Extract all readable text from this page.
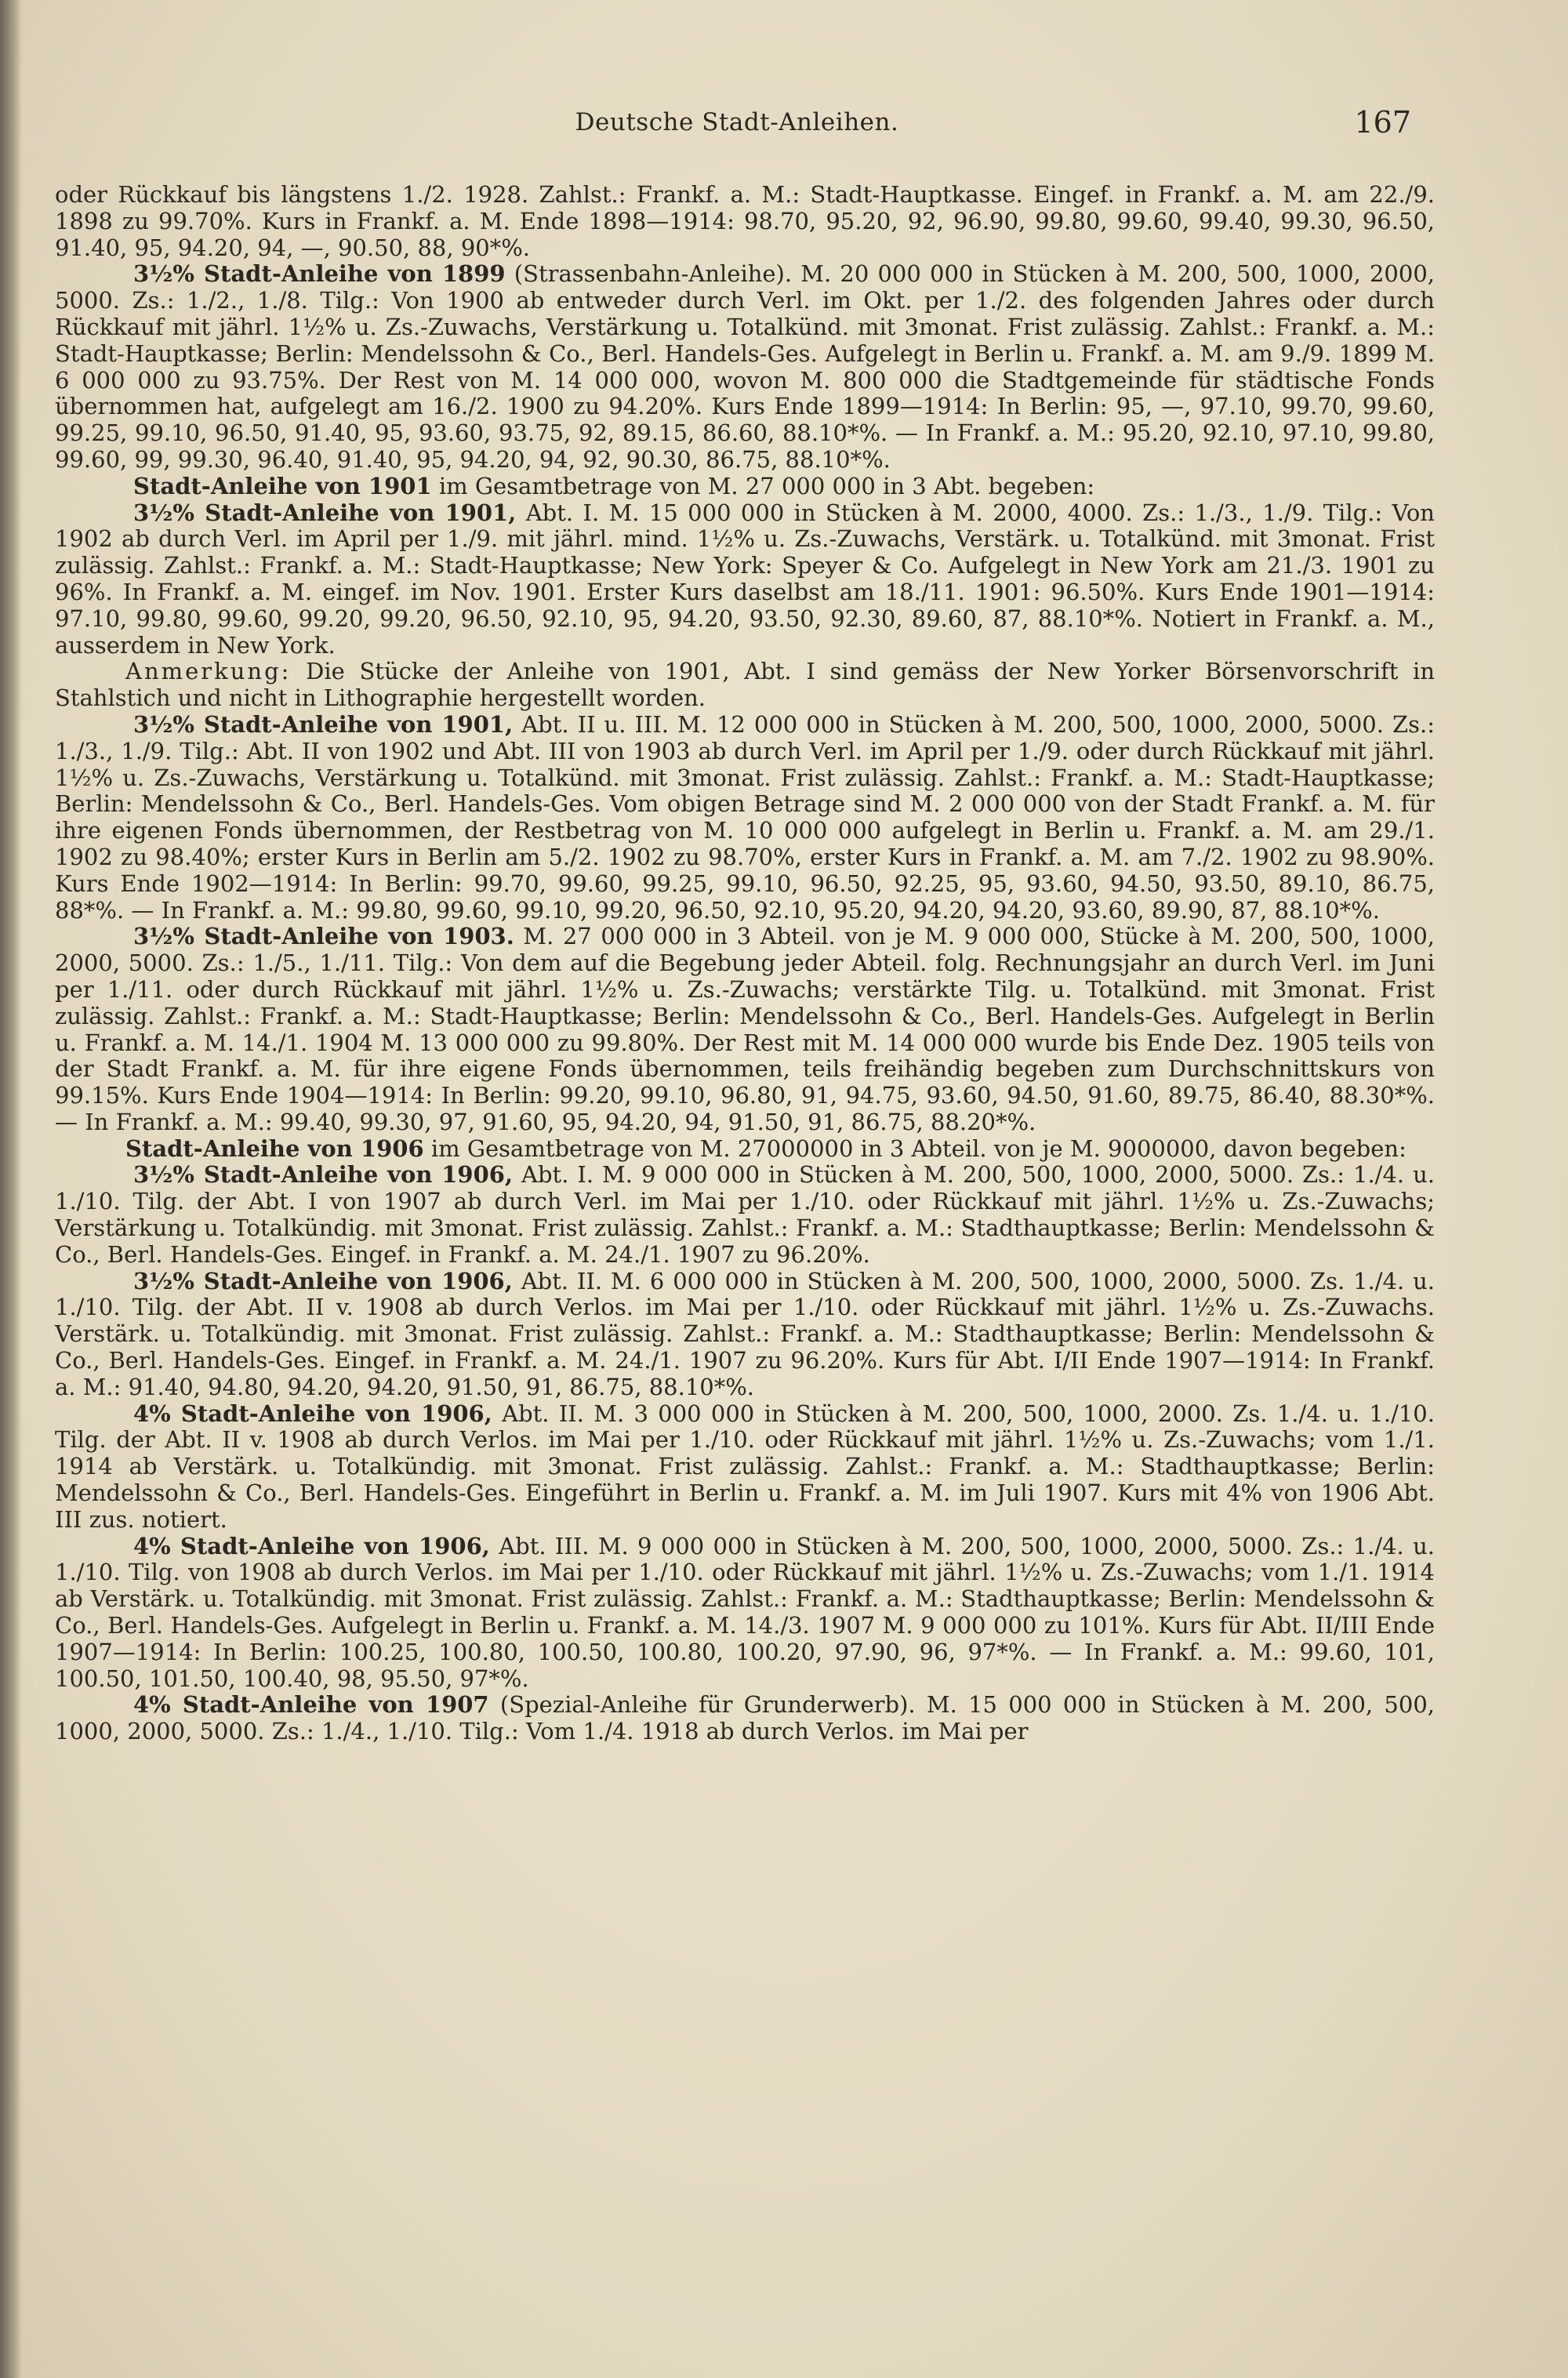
Deutsche Stadt-Anleihen.	167

oder Rückkauf bis längstens 1./2. 1928. Zahlst.: Frankf. a. M.: Stadt-Hauptkasse. Eingef. in Frankf. a. M. am 22./9. 1898 zu 99.70%. Kurs in Frankf. a. M. Ende 1898—1914: 98.70, 95.20, 92, 96.90, 99.80, 99.60, 99.40, 99.30, 96.50, 91.40, 95, 94.20, 94, —, 90.50, 88, 90*%.

3½% Stadt-Anleihe von 1899 (Strassenbahn-Anleihe). M. 20 000 000 in Stücken à M. 200, 500, 1000, 2000, 5000. Zs.: 1./2., 1./8. Tilg.: Von 1900 ab entweder durch Verl. im Okt. per 1./2. des folgenden Jahres oder durch Rückkauf mit jährl. 1½% u. Zs.-Zuwachs, Verstärkung u. Totalkünd. mit 3monat. Frist zulässig. Zahlst.: Frankf. a. M.: Stadt-Hauptkasse; Berlin: Mendelssohn & Co., Berl. Handels-Ges. Aufgelegt in Berlin u. Frankf. a. M. am 9./9. 1899 M. 6 000 000 zu 93.75%. Der Rest von M. 14 000 000, wovon M. 800 000 die Stadtgemeinde für städtische Fonds übernommen hat, aufgelegt am 16./2. 1900 zu 94.20%. Kurs Ende 1899—1914: In Berlin: 95, —, 97.10, 99.70, 99.60, 99.25, 99.10, 96.50, 91.40, 95, 93.60, 93.75, 92, 89.15, 86.60, 88.10*%. — In Frankf. a. M.: 95.20, 92.10, 97.10, 99.80, 99.60, 99, 99.30, 96.40, 91.40, 95, 94.20, 94, 92, 90.30, 86.75, 88.10*%.

Stadt-Anleihe von 1901 im Gesamtbetrage von M. 27 000 000 in 3 Abt. begeben:

3½% Stadt-Anleihe von 1901, Abt. I. M. 15 000 000 in Stücken à M. 2000, 4000. Zs.: 1./3., 1./9. Tilg.: Von 1902 ab durch Verl. im April per 1./9. mit jährl. mind. 1½% u. Zs.-Zuwachs, Verstärk. u. Totalkünd. mit 3monat. Frist zulässig. Zahlst.: Frankf. a. M.: Stadt-Hauptkasse; New York: Speyer & Co. Aufgelegt in New York am 21./3. 1901 zu 96%. In Frankf. a. M. eingef. im Nov. 1901. Erster Kurs daselbst am 18./11. 1901: 96.50%. Kurs Ende 1901—1914: 97.10, 99.80, 99.60, 99.20, 99.20, 96.50, 92.10, 95, 94.20, 93.50, 92.30, 89.60, 87, 88.10*%. Notiert in Frankf. a. M., ausserdem in New York.

Anmerkung: Die Stücke der Anleihe von 1901, Abt. I sind gemäss der New Yorker Börsenvorschrift in Stahlstich und nicht in Lithographie hergestellt worden.

3½% Stadt-Anleihe von 1901, Abt. II u. III. M. 12 000 000 in Stücken à M. 200, 500, 1000, 2000, 5000. Zs.: 1./3., 1./9. Tilg.: Abt. II von 1902 und Abt. III von 1903 ab durch Verl. im April per 1./9. oder durch Rückkauf mit jährl. 1½% u. Zs.-Zuwachs, Verstärkung u. Totalkünd. mit 3monat. Frist zulässig. Zahlst.: Frankf. a. M.: Stadt-Hauptkasse; Berlin: Mendelssohn & Co., Berl. Handels-Ges. Vom obigen Betrage sind M. 2 000 000 von der Stadt Frankf. a. M. für ihre eigenen Fonds übernommen, der Restbetrag von M. 10 000 000 aufgelegt in Berlin u. Frankf. a. M. am 29./1. 1902 zu 98.40%; erster Kurs in Berlin am 5./2. 1902 zu 98.70%, erster Kurs in Frankf. a. M. am 7./2. 1902 zu 98.90%. Kurs Ende 1902—1914: In Berlin: 99.70, 99.60, 99.25, 99.10, 96.50, 92.25, 95, 93.60, 94.50, 93.50, 89.10, 86.75, 88*%. — In Frankf. a. M.: 99.80, 99.60, 99.10, 99.20, 96.50, 92.10, 95.20, 94.20, 94.20, 93.60, 89.90, 87, 88.10*%.

3½% Stadt-Anleihe von 1903. M. 27 000 000 in 3 Abteil. von je M. 9 000 000, Stücke à M. 200, 500, 1000, 2000, 5000. Zs.: 1./5., 1./11. Tilg.: Von dem auf die Begebung jeder Abteil. folg. Rechnungsjahr an durch Verl. im Juni per 1./11. oder durch Rückkauf mit jährl. 1½% u. Zs.-Zuwachs; verstärkte Tilg. u. Totalkünd. mit 3monat. Frist zulässig. Zahlst.: Frankf. a. M.: Stadt-Hauptkasse; Berlin: Mendelssohn & Co., Berl. Handels-Ges. Aufgelegt in Berlin u. Frankf. a. M. 14./1. 1904 M. 13 000 000 zu 99.80%. Der Rest mit M. 14 000 000 wurde bis Ende Dez. 1905 teils von der Stadt Frankf. a. M. für ihre eigene Fonds übernommen, teils freihändig begeben zum Durchschnittskurs von 99.15%. Kurs Ende 1904—1914: In Berlin: 99.20, 99.10, 96.80, 91, 94.75, 93.60, 94.50, 91.60, 89.75, 86.40, 88.30*%. — In Frankf. a. M.: 99.40, 99.30, 97, 91.60, 95, 94.20, 94, 91.50, 91, 86.75, 88.20*%.

Stadt-Anleihe von 1906 im Gesamtbetrage von M. 27000000 in 3 Abteil. von je M. 9000000, davon begeben:

3½% Stadt-Anleihe von 1906, Abt. I. M. 9 000 000 in Stücken à M. 200, 500, 1000, 2000, 5000. Zs.: 1./4. u. 1./10. Tilg. der Abt. I von 1907 ab durch Verl. im Mai per 1./10. oder Rückkauf mit jährl. 1½% u. Zs.-Zuwachs; Verstärkung u. Totalkündig. mit 3monat. Frist zulässig. Zahlst.: Frankf. a. M.: Stadthauptkasse; Berlin: Mendelssohn & Co., Berl. Handels-Ges. Eingef. in Frankf. a. M. 24./1. 1907 zu 96.20%.

3½% Stadt-Anleihe von 1906, Abt. II. M. 6 000 000 in Stücken à M. 200, 500, 1000, 2000, 5000. Zs. 1./4. u. 1./10. Tilg. der Abt. II v. 1908 ab durch Verlos. im Mai per 1./10. oder Rückkauf mit jährl. 1½% u. Zs.-Zuwachs. Verstärk. u. Totalkündig. mit 3monat. Frist zulässig. Zahlst.: Frankf. a. M.: Stadthauptkasse; Berlin: Mendelssohn & Co., Berl. Handels-Ges. Eingef. in Frankf. a. M. 24./1. 1907 zu 96.20%. Kurs für Abt. I/II Ende 1907—1914: In Frankf. a. M.: 91.40, 94.80, 94.20, 94.20, 91.50, 91, 86.75, 88.10*%.

4% Stadt-Anleihe von 1906, Abt. II. M. 3 000 000 in Stücken à M. 200, 500, 1000, 2000. Zs. 1./4. u. 1./10. Tilg. der Abt. II v. 1908 ab durch Verlos. im Mai per 1./10. oder Rückkauf mit jährl. 1½% u. Zs.-Zuwachs; vom 1./1. 1914 ab Verstärk. u. Totalkündig. mit 3monat. Frist zulässig. Zahlst.: Frankf. a. M.: Stadthauptkasse; Berlin: Mendelssohn & Co., Berl. Handels-Ges. Eingeführt in Berlin u. Frankf. a. M. im Juli 1907. Kurs mit 4% von 1906 Abt. III zus. notiert.

4% Stadt-Anleihe von 1906, Abt. III. M. 9 000 000 in Stücken à M. 200, 500, 1000, 2000, 5000. Zs.: 1./4. u. 1./10. Tilg. von 1908 ab durch Verlos. im Mai per 1./10. oder Rückkauf mit jährl. 1½% u. Zs.-Zuwachs; vom 1./1. 1914 ab Verstärk. u. Totalkündig. mit 3monat. Frist zulässig. Zahlst.: Frankf. a. M.: Stadthauptkasse; Berlin: Mendelssohn & Co., Berl. Handels-Ges. Aufgelegt in Berlin u. Frankf. a. M. 14./3. 1907 M. 9 000 000 zu 101%. Kurs für Abt. II/III Ende 1907—1914: In Berlin: 100.25, 100.80, 100.50, 100.80, 100.20, 97.90, 96, 97*%. — In Frankf. a. M.: 99.60, 101, 100.50, 101.50, 100.40, 98, 95.50, 97*%.

4% Stadt-Anleihe von 1907 (Spezial-Anleihe für Grunderwerb). M. 15 000 000 in Stücken à M. 200, 500, 1000, 2000, 5000. Zs.: 1./4., 1./10. Tilg.: Vom 1./4. 1918 ab durch Verlos. im Mai per
